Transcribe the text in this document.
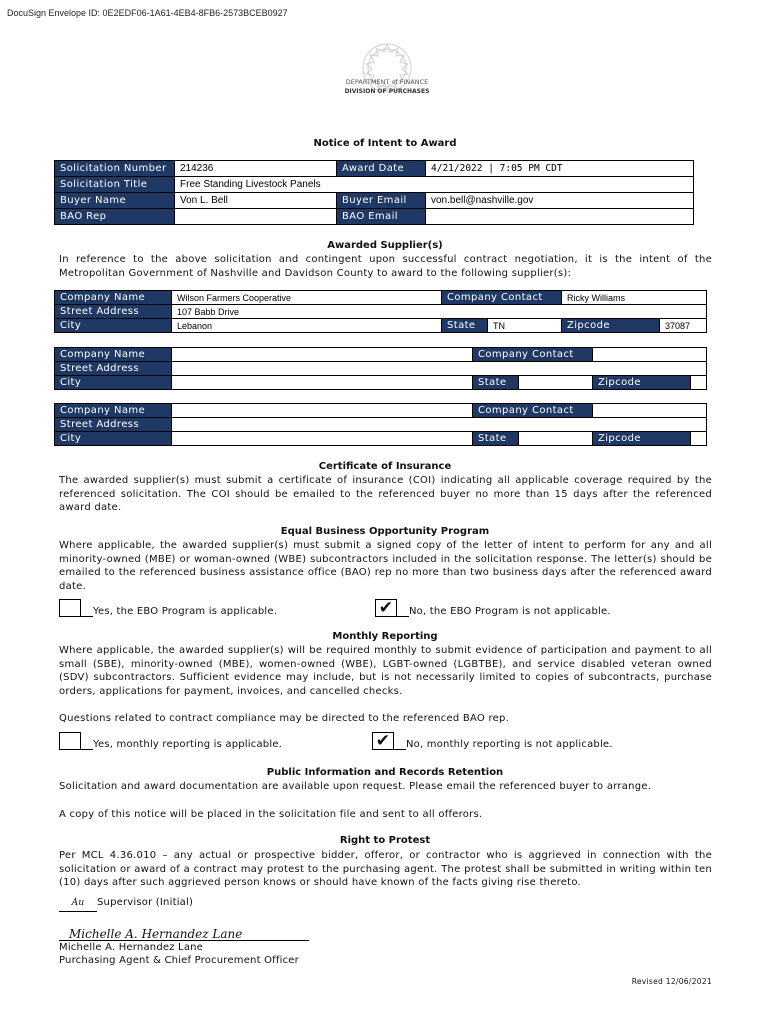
DocuSign Envelope ID: 0E2EDF06-1A61-4EB4-8FB6-2573BCEB0927
DEPARTMENT of FINANCE
DIVISION OF PURCHASES
Notice of Intent to Award
Solicitation Number	214236	Award Date	4/21/2022 | 7:05 PM CDT
Solicitation Title	Free Standing Livestock Panels		
Buyer Name	Von L. Bell	Buyer Email	von.bell@nashville.gov
BAO Rep		BAO Email	
Awarded Supplier(s)
In reference to the above solicitation and contingent upon successful contract negotiation, it is the intent of the Metropolitan Government of Nashville and Davidson County to award to the following supplier(s):
Company Name	Wilson Farmers Cooperative	Company Contact		Ricky Williams	
Street Address	107 Babb Drive				
City	Lebanon	State	TN	Zipcode	37087
Company Name		Company Contact			
Street Address					
City		State		Zipcode	
Company Name		Company Contact			
Street Address					
City		State		Zipcode	
Certificate of Insurance
The awarded supplier(s) must submit a certificate of insurance (COI) indicating all applicable coverage required by the referenced solicitation. The COI should be emailed to the referenced buyer no more than 15 days after the referenced award date.
Equal Business Opportunity Program
Where applicable, the awarded supplier(s) must submit a signed copy of the letter of intent to perform for any and all minority-owned (MBE) or woman-owned (WBE) subcontractors included in the solicitation response. The letter(s) should be emailed to the referenced business assistance office (BAO) rep no more than two business days after the referenced award date.
Yes, the EBO Program is applicable.	✔ No, the EBO Program is not applicable.
Monthly Reporting
Where applicable, the awarded supplier(s) will be required monthly to submit evidence of participation and payment to all small (SBE), minority-owned (MBE), women-owned (WBE), LGBT-owned (LGBTBE), and service disabled veteran owned (SDV) subcontractors. Sufficient evidence may include, but is not necessarily limited to copies of subcontracts, purchase orders, applications for payment, invoices, and cancelled checks.
Questions related to contract compliance may be directed to the referenced BAO rep.
Yes, monthly reporting is applicable.	✔ No, monthly reporting is not applicable.
Public Information and Records Retention
Solicitation and award documentation are available upon request. Please email the referenced buyer to arrange.
A copy of this notice will be placed in the solicitation file and sent to all offerors.
Right to Protest
Per MCL 4.36.010 – any actual or prospective bidder, offeror, or contractor who is aggrieved in connection with the solicitation or award of a contract may protest to the purchasing agent. The protest shall be submitted in writing within ten (10) days after such aggrieved person knows or should have known of the facts giving rise thereto.
Au Supervisor (Initial)
Michelle A. Hernandez Lane
Michelle A. Hernandez Lane
Purchasing Agent & Chief Procurement Officer
Revised 12/06/2021
